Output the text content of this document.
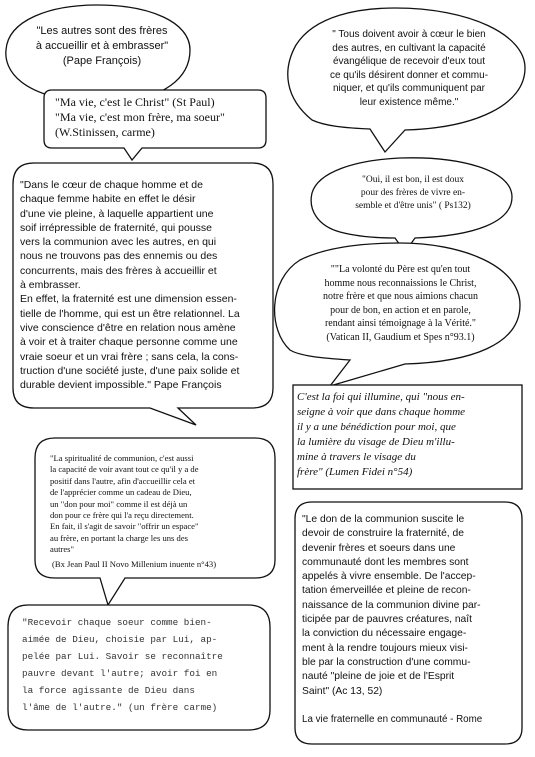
"Les autres sont des frères
à accueillir et à embrasser"
(Pape François)
" Tous doivent avoir à cœur le bien
des autres, en cultivant la capacité
évangélique de recevoir d'eux tout
ce qu'ils désirent donner et commu-
niquer, et qu'ils communiquent par
leur existence même."
"Ma vie, c'est le Christ" (St Paul)
"Ma vie, c'est mon frère, ma soeur"
(W.Stinissen, carme)
"Oui, il est bon, il est doux
pour des frères de vivre en-
semble et d'être unis" ( Ps132)
"Dans le cœur de chaque homme et de
chaque femme habite en effet le désir
d'une vie pleine, à laquelle appartient une
soif irrépressible de fraternité, qui pousse
vers la communion avec les autres, en qui
nous ne trouvons pas des ennemis ou des
concurrents, mais des frères à accueillir et
à embrasser.
En effet, la fraternité est une dimension essen-
tielle de l'homme, qui est un être relationnel. La
vive conscience d'être en relation nous amène
à voir et à traiter chaque personne comme une
vraie soeur et un vrai frère ; sans cela, la cons-
truction d'une société juste, d'une paix solide et
durable devient impossible." Pape François
""La volonté du Père est qu'en tout
homme nous reconnaissions le Christ,
notre frère et que nous aimions chacun
pour de bon, en action et en parole,
rendant ainsi témoignage à la Vérité."
(Vatican II, Gaudium et Spes n°93.1)
C'est la foi qui illumine, qui "nous en-
seigne à voir que dans chaque homme
il y a une bénédiction pour moi, que
la lumière du visage de Dieu m'illu-
mine à travers le visage du
frère" (Lumen Fidei n°54)
"La spiritualité de communion, c'est aussi
la capacité de voir avant tout ce qu'il y a de
positif dans l'autre, afin d'accueillir cela et
de l'apprécier comme un cadeau de Dieu,
un "don pour moi" comme il est déjà un
don pour ce frère qui l'a reçu directement.
En fait, il s'agit de savoir "offrir un espace"
au frère, en portant la charge les uns des
autres"
(Bx Jean Paul II Novo Millenium inuente n°43)
"Le don de la communion suscite le
devoir de construire la fraternité, de
devenir frères et soeurs dans une
communauté dont les membres sont
appelés à vivre ensemble. De l'accep-
tation émerveillée et pleine de recon-
naissance de la communion divine par-
ticipée par de pauvres créatures, naît
la conviction du nécessaire engage-
ment à la rendre toujours mieux visi-
ble par la construction d'une commu-
nauté "pleine de joie et de l'Esprit
Saint" (Ac 13, 52)
La vie fraternelle en communauté - Rome
"Recevoir chaque soeur comme bien-
aimée de Dieu, choisie par Lui, ap-
pelée par Lui. Savoir se reconnaître
pauvre devant l'autre; avoir foi en
la force agissante de Dieu dans
l'âme de l'autre." (un frère carme)
